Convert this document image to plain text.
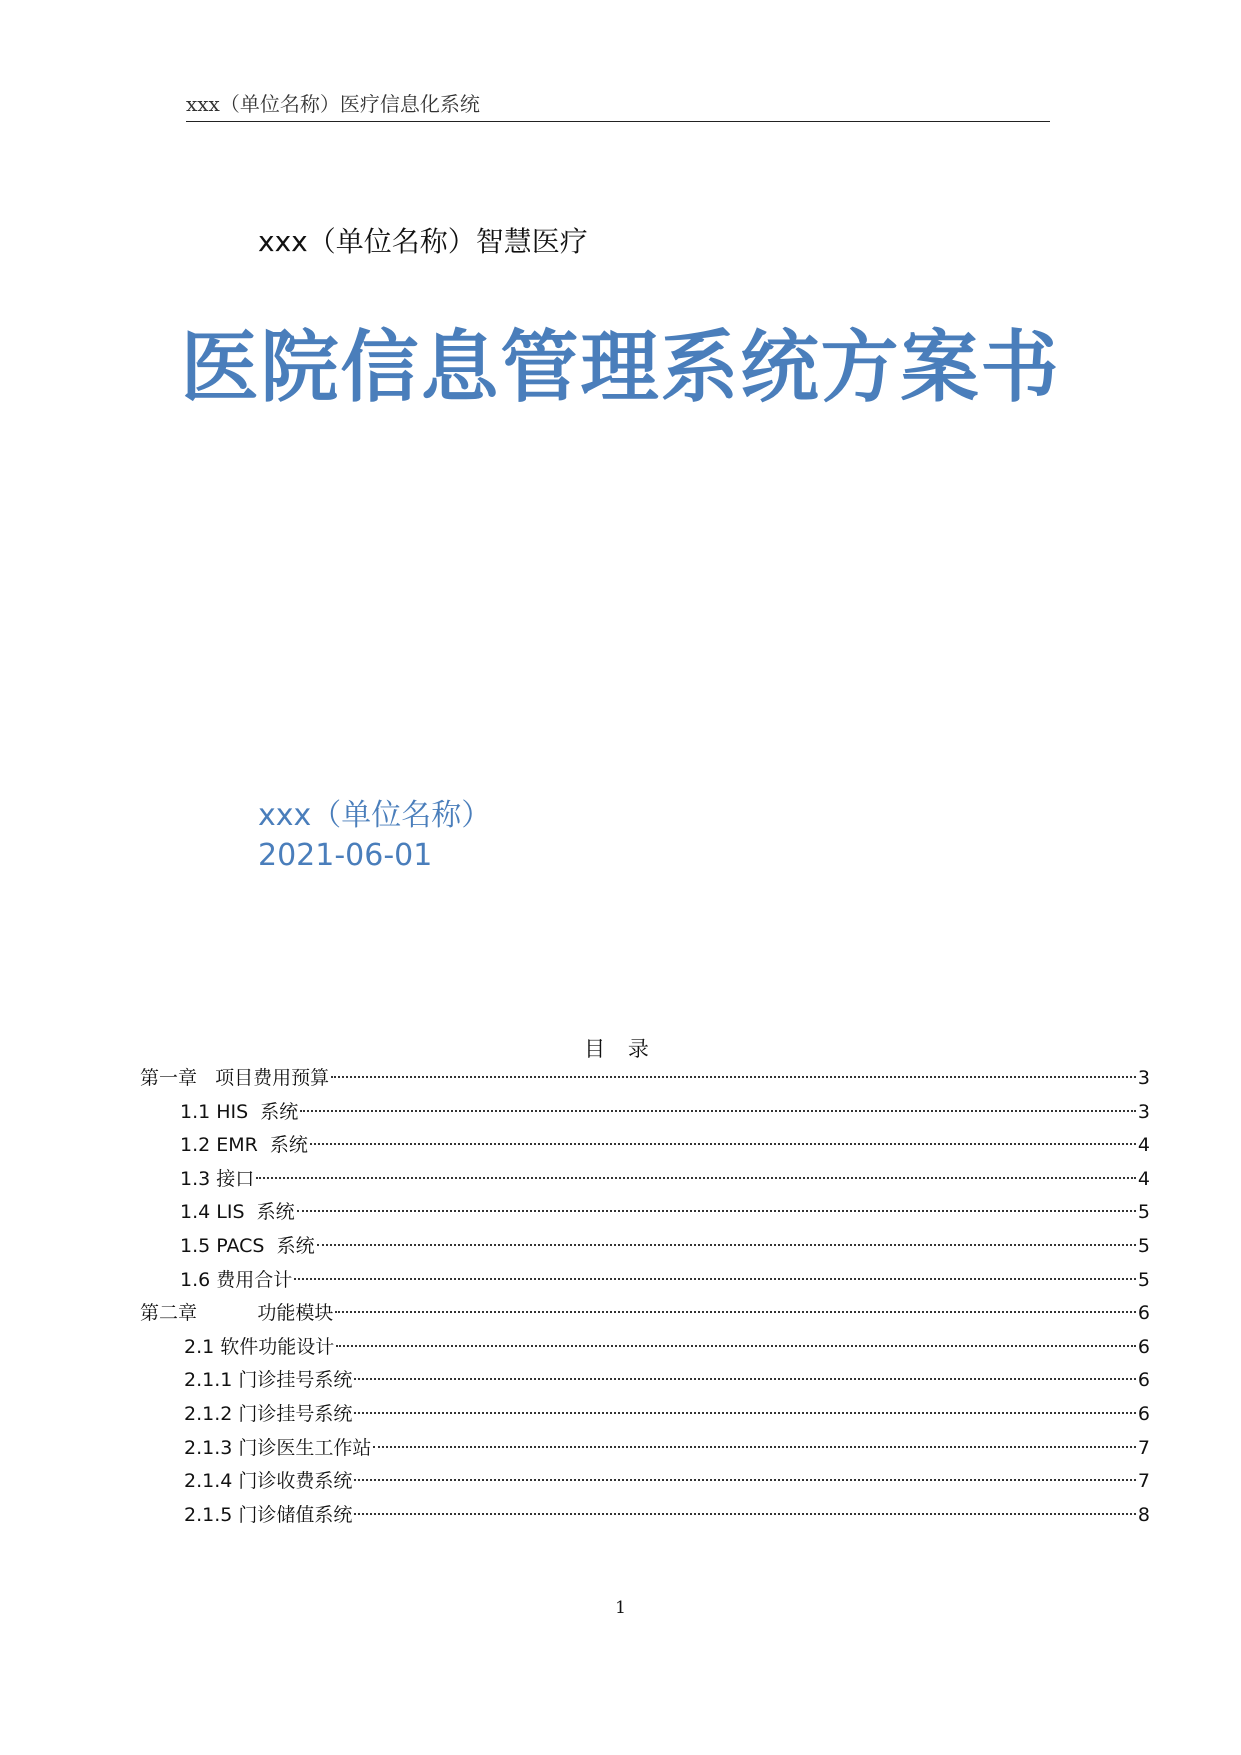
xxx（单位名称）医疗信息化系统
xxx（单位名称）智慧医疗
医院信息管理系统方案书
xxx（单位名称）
2021-06-01
目 录
第一章   项目费用预算	3
1.1 HIS  系统	3
1.2 EMR  系统	4
1.3 接口	4
1.4 LIS  系统	5
1.5 PACS  系统	5
1.6 费用合计	5
第二章          功能模块	6
2.1 软件功能设计	6
2.1.1 门诊挂号系统	6
2.1.2 门诊挂号系统	6
2.1.3 门诊医生工作站	7
2.1.4 门诊收费系统	7
2.1.5 门诊储值系统	8
1
